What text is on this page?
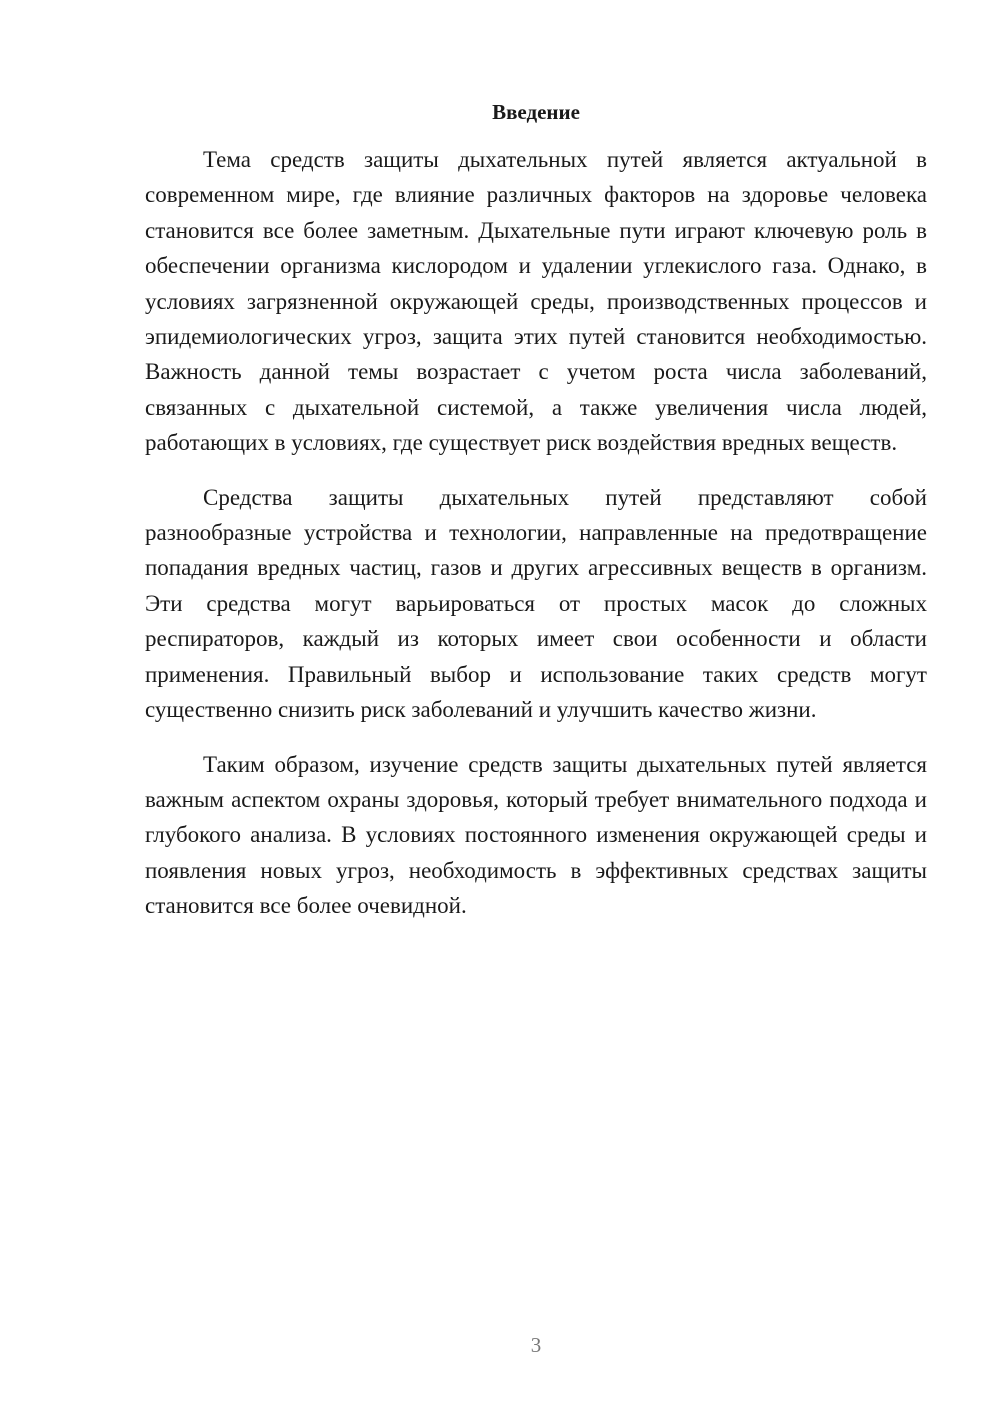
Введение

Тема средств защиты дыхательных путей является актуальной в современном мире, где влияние различных факторов на здоровье человека становится все более заметным. Дыхательные пути играют ключевую роль в обеспечении организма кислородом и удалении углекислого газа. Однако, в условиях загрязненной окружающей среды, производственных процессов и эпидемиологических угроз, защита этих путей становится необходимостью. Важность данной темы возрастает с учетом роста числа заболеваний, связанных с дыхательной системой, а также увеличения числа людей, работающих в условиях, где существует риск воздействия вредных веществ.

Средства защиты дыхательных путей представляют собой разнообразные устройства и технологии, направленные на предотвращение попадания вредных частиц, газов и других агрессивных веществ в организм. Эти средства могут варьироваться от простых масок до сложных респираторов, каждый из которых имеет свои особенности и области применения. Правильный выбор и использование таких средств могут существенно снизить риск заболеваний и улучшить качество жизни.

Таким образом, изучение средств защиты дыхательных путей является важным аспектом охраны здоровья, который требует внимательного подхода и глубокого анализа. В условиях постоянного изменения окружающей среды и появления новых угроз, необходимость в эффективных средствах защиты становится все более очевидной.

3
